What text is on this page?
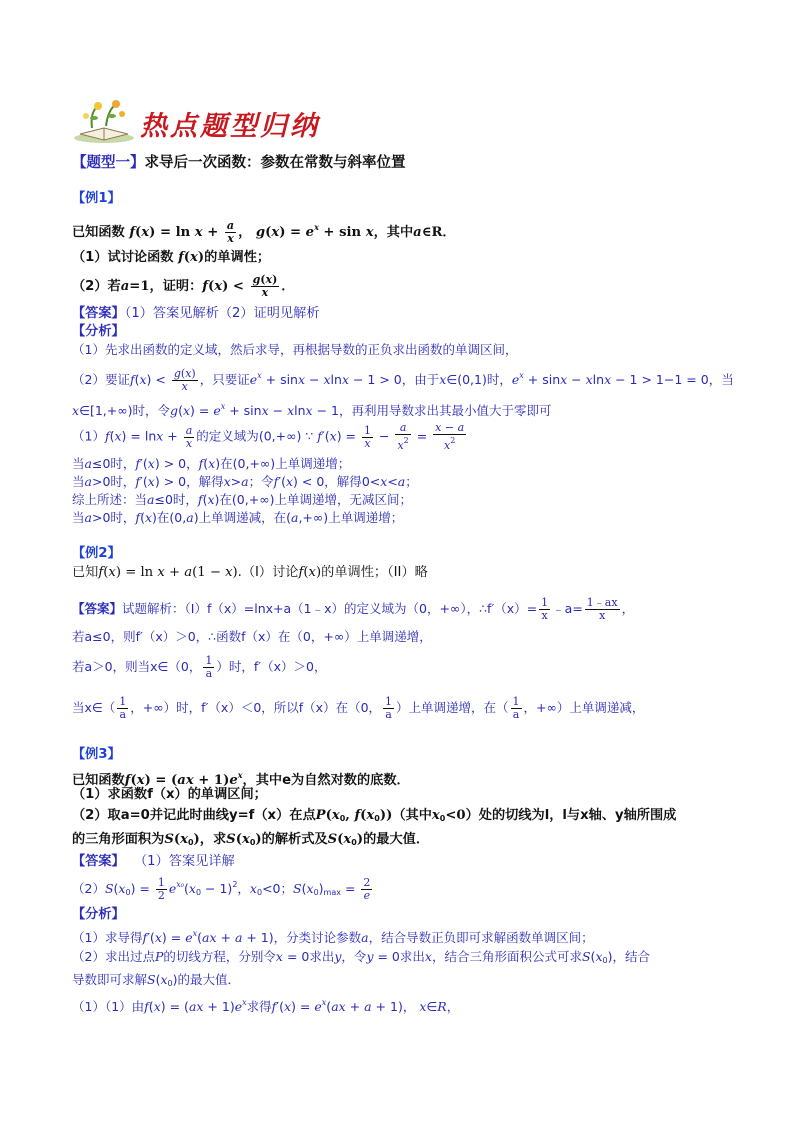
热点题型归纳
【题型一】求导后一次函数：参数在常数与斜率位置
【例1】
已知函数 $f(x) = \ln x + \frac{a}{x}$ ， $g(x) = e^x + \sin x$，其中a∈R．
（1）试讨论函数 f(x)的单调性；
（2）若a=1，证明：$f(x) < \frac{g(x)}{x}$ ．
【答案】（1）答案见解析（2）证明见解析
【分析】
（1）先求出函数的定义域，然后求导，再根据导数的正负求出函数的单调区间，
（2）要证$f(x) < \frac{g(x)}{x}$ ，只要证$e^x + \sin x - xlnx - 1 > 0$，由于x∈(0,1)时，$e^x + \sin x - xlnx - 1 > 1-1 = 0$，当
x∈[1,+∞)时，令$g(x) = e^x + \sin x - xlnx - 1$，再利用导数求出其最小值大于零即可
$(1)f(x) = \ln x + \frac{a}{x}$ 的定义域为(0,+∞) ∵ $f'(x) = \frac{1}{x} - \frac{a}{x^2} = \frac{x - a}{x^2}$
当a≤0时，f′(x) > 0，f(x)在(0,+∞)上单调递增；
当a>0时，f′(x) > 0，解得x>a；令f′(x) < 0，解得0<x<a；
综上所述：当a≤0时，f(x)在(0,+∞)上单调递增，无减区间；
当a>0时，f(x)在(0,a)上单调递减，在(a,+∞)上单调递增；
【例2】
已知f(x) = ln x + a(1 − x).（I）讨论f(x)的单调性；（II）略
【答案】试题解析：（Ⅰ）f（x）=lnx+a（1﹣x）的定义域为（0，+∞），∴f′（x）= $\frac{1}{x}$ ﹣a= $\frac{1﹣ax}{x}$ ，
若a≤0，则f′（x）＞0，∴函数f（x）在（0，+∞）上单调递增，
若a＞0，则当x∈（0， $\frac{1}{a}$ ）时，f′（x）＞0，
当x∈（ $\frac{1}{a}$ ，+∞）时，f′（x）＜0，所以f（x）在（0， $\frac{1}{a}$ ）上单调递增，在（ $\frac{1}{a}$ ，+∞）上单调递减，
【例3】
已知函数$f(x) = (ax + 1)e^x$，其中e为自然对数的底数．
（1）求函数f（x）的单调区间；
（2）取a=0并记此时曲线y=f（x）在点$P(x_0$, $f(x_0)$)（其中$x_0<0$）处的切线为l，l与x轴、y轴所围成
的三角形面积为$S(x_0)$，求$S(x_0)$的解析式及$S(x_0)$的最大值．
【答案】 （1）答案见详解
$(2)S(x_0) = \frac{1}{2} e^{x_0}(x_0 - 1)^2$，$x_0<0$；$S(x_0)_{max} = \frac{2}{e}$
【分析】
（1）求导得$f'(x) = e^x(ax + a + 1)$，分类讨论参数a，结合导数正负即可求解函数单调区间；
（2）求出过点P的切线方程，分别令x = 0求出y，令y = 0求出x，结合三角形面积公式可求$S(x_0)$，结合
导数即可求解$S(x_0)$的最大值．
（1）（1）由$f(x) = (ax + 1)e^x$求得$f'(x) = e^x(ax + a + 1)$， x∈R，
